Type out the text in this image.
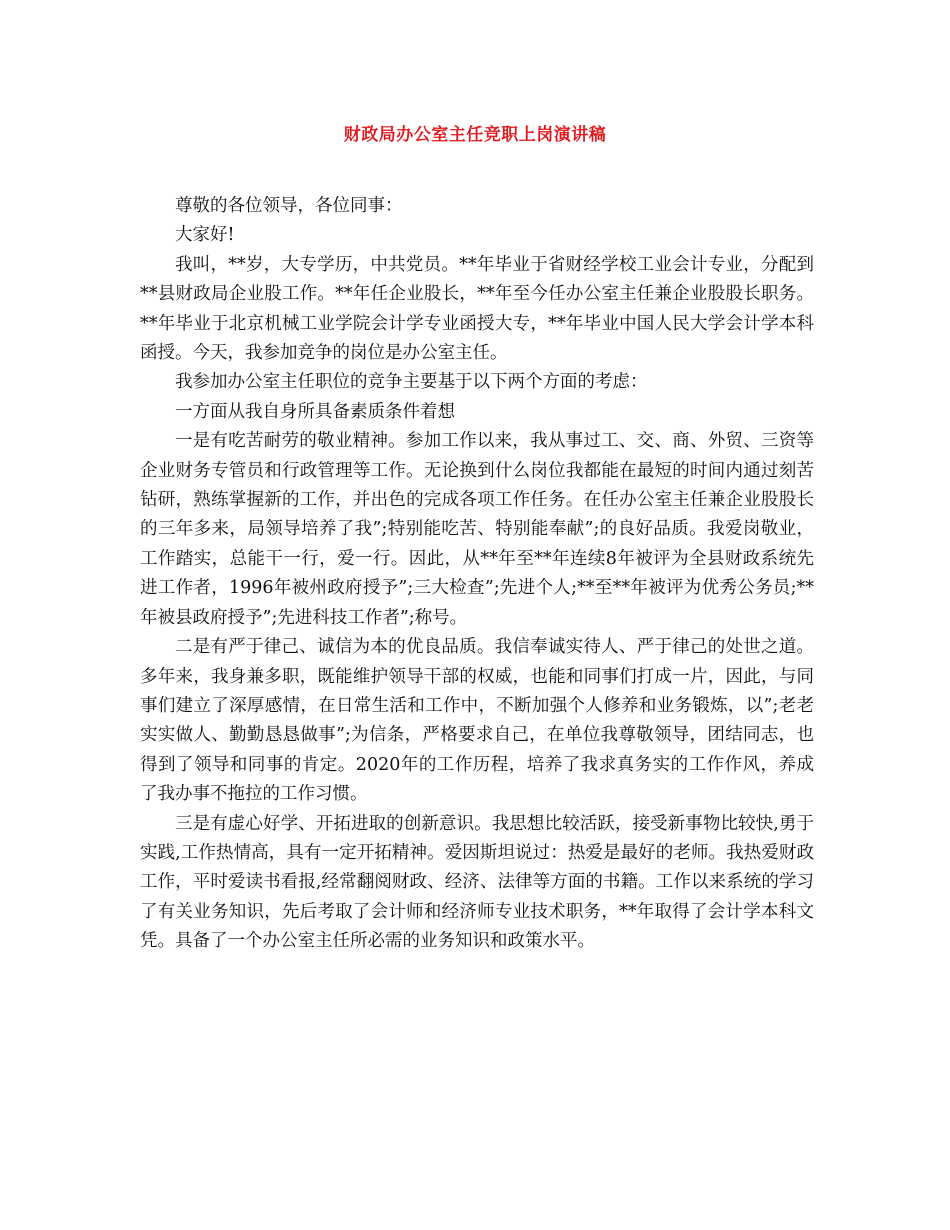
财政局办公室主任竞职上岗演讲稿

尊敬的各位领导，各位同事：

大家好!

我叫，**岁，大专学历，中共党员。**年毕业于省财经学校工业会计专业，分配到**县财政局企业股工作。**年任企业股长，**年至今任办公室主任兼企业股股长职务。**年毕业于北京机械工业学院会计学专业函授大专，**年毕业中国人民大学会计学本科函授。今天，我参加竞争的岗位是办公室主任。

我参加办公室主任职位的竞争主要基于以下两个方面的考虑：

一方面从我自身所具备素质条件着想

一是有吃苦耐劳的敬业精神。参加工作以来，我从事过工、交、商、外贸、三资等企业财务专管员和行政管理等工作。无论换到什么岗位我都能在最短的时间内通过刻苦钻研，熟练掌握新的工作，并出色的完成各项工作任务。在任办公室主任兼企业股股长的三年多来，局领导培养了我”;特别能吃苦、特别能奉献”;的良好品质。我爱岗敬业，工作踏实，总能干一行，爱一行。因此，从**年至**年连续8年被评为全县财政系统先进工作者，1996年被州政府授予”;三大检查”;先进个人;**至**年被评为优秀公务员;**年被县政府授予”;先进科技工作者”;称号。

二是有严于律己、诚信为本的优良品质。我信奉诚实待人、严于律己的处世之道。多年来，我身兼多职，既能维护领导干部的权威，也能和同事们打成一片，因此，与同事们建立了深厚感情，在日常生活和工作中，不断加强个人修养和业务锻炼，以”;老老实实做人、勤勤恳恳做事”;为信条，严格要求自己，在单位我尊敬领导，团结同志，也得到了领导和同事的肯定。2020年的工作历程，培养了我求真务实的工作作风，养成了我办事不拖拉的工作习惯。

三是有虚心好学、开拓进取的创新意识。我思想比较活跃，接受新事物比较快,勇于实践,工作热情高，具有一定开拓精神。爱因斯坦说过：热爱是最好的老师。我热爱财政工作，平时爱读书看报,经常翻阅财政、经济、法律等方面的书籍。工作以来系统的学习了有关业务知识，先后考取了会计师和经济师专业技术职务，**年取得了会计学本科文凭。具备了一个办公室主任所必需的业务知识和政策水平。
